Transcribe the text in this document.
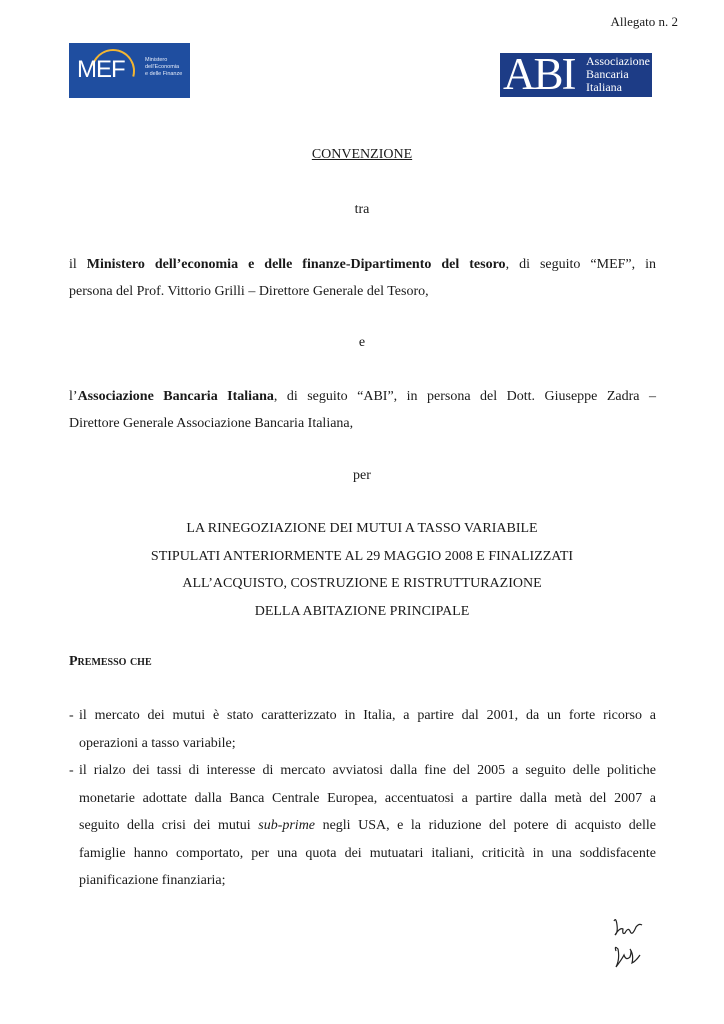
Allegato n. 2
MEF	Ministero
dell'Economia
e delle Finanze	ABI Associazione
Bancaria
Italiana
CONVENZIONE
tra
il Ministero dell’economia e delle finanze-Dipartimento del tesoro, di seguito “MEF”, in
persona del Prof. Vittorio Grilli – Direttore Generale del Tesoro,
e
l’Associazione Bancaria Italiana, di seguito “ABI”, in persona del Dott. Giuseppe Zadra –
Direttore Generale Associazione Bancaria Italiana,
per
LA RINEGOZIAZIONE DEI MUTUI A TASSO VARIABILE
STIPULATI ANTERIORMENTE AL 29 MAGGIO 2008 E FINALIZZATI
ALL’ACQUISTO, COSTRUZIONE E RISTRUTTURAZIONE
DELLA ABITAZIONE PRINCIPALE
Premesso che
- il mercato dei mutui è stato caratterizzato in Italia, a partire dal 2001, da un forte ricorso a
operazioni a tasso variabile;
- il rialzo dei tassi di interesse di mercato avviatosi dalla fine del 2005 a seguito delle politiche
monetarie adottate dalla Banca Centrale Europea, accentuatosi a partire dalla metà del 2007 a
seguito della crisi dei mutui sub-prime negli USA, e la riduzione del potere di acquisto delle
famiglie hanno comportato, per una quota dei mutuatari italiani, criticità in una soddisfacente
pianificazione finanziaria;
